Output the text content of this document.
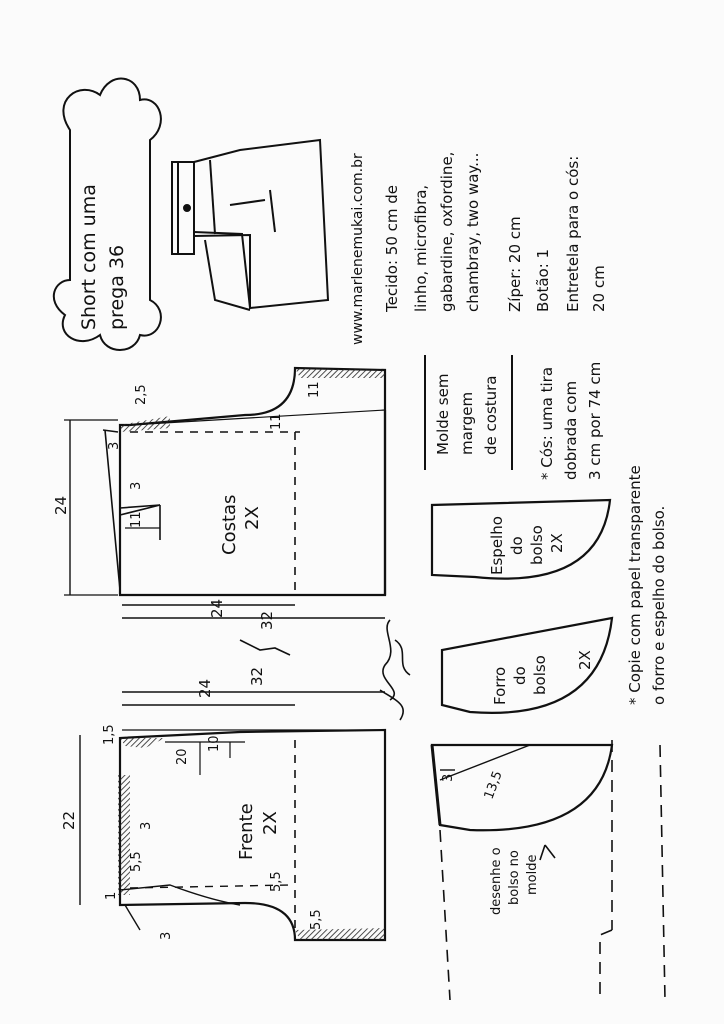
Short com uma prega 36	www.marlenemukai.com.br Tecido: 50 cm de linho, microfibra, gabardine, oxfordine, chambray, two way... Zíper: 20 cm Botão: 1 Entretela para o cós: 20 cm
Molde sem margem de costura	* Cós: uma tira dobrada com 3 cm por 74 cm
* Copie com papel transparente o forro e espelho do bolso.
Costas 2X
24
24
32
2,5	11
11
3
3
11
Frente 2X
22
24
32
1,5
20
10
3
5,5
5,5
5,5
3
1
Espelho do bolso 2X
Forro do bolso 2X
13,5
3
desenhe o bolso no molde
